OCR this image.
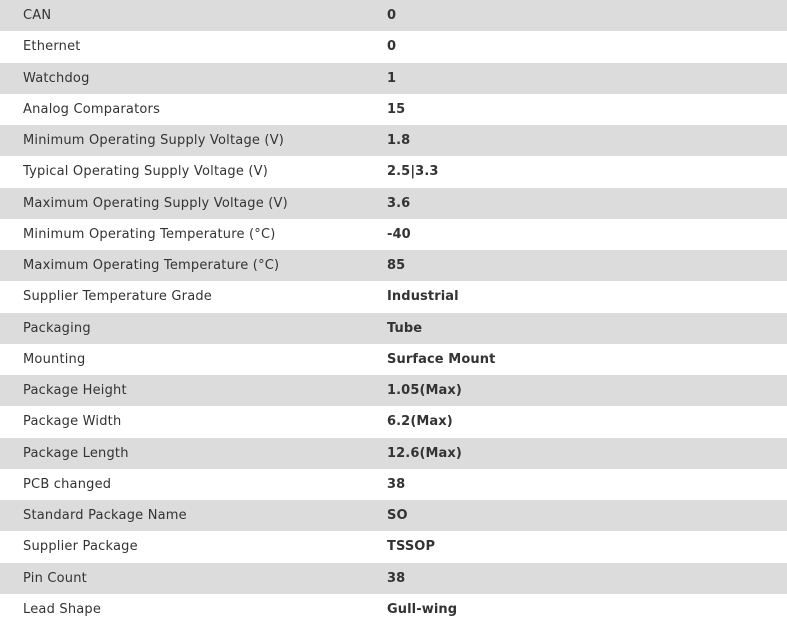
CAN	0
Ethernet	0
Watchdog	1
Analog Comparators	15
Minimum Operating Supply Voltage (V)	1.8
Typical Operating Supply Voltage (V)	2.5|3.3
Maximum Operating Supply Voltage (V)	3.6
Minimum Operating Temperature (°C)	-40
Maximum Operating Temperature (°C)	85
Supplier Temperature Grade	Industrial
Packaging	Tube
Mounting	Surface Mount
Package Height	1.05(Max)
Package Width	6.2(Max)
Package Length	12.6(Max)
PCB changed	38
Standard Package Name	SO
Supplier Package	TSSOP
Pin Count	38
Lead Shape	Gull-wing
